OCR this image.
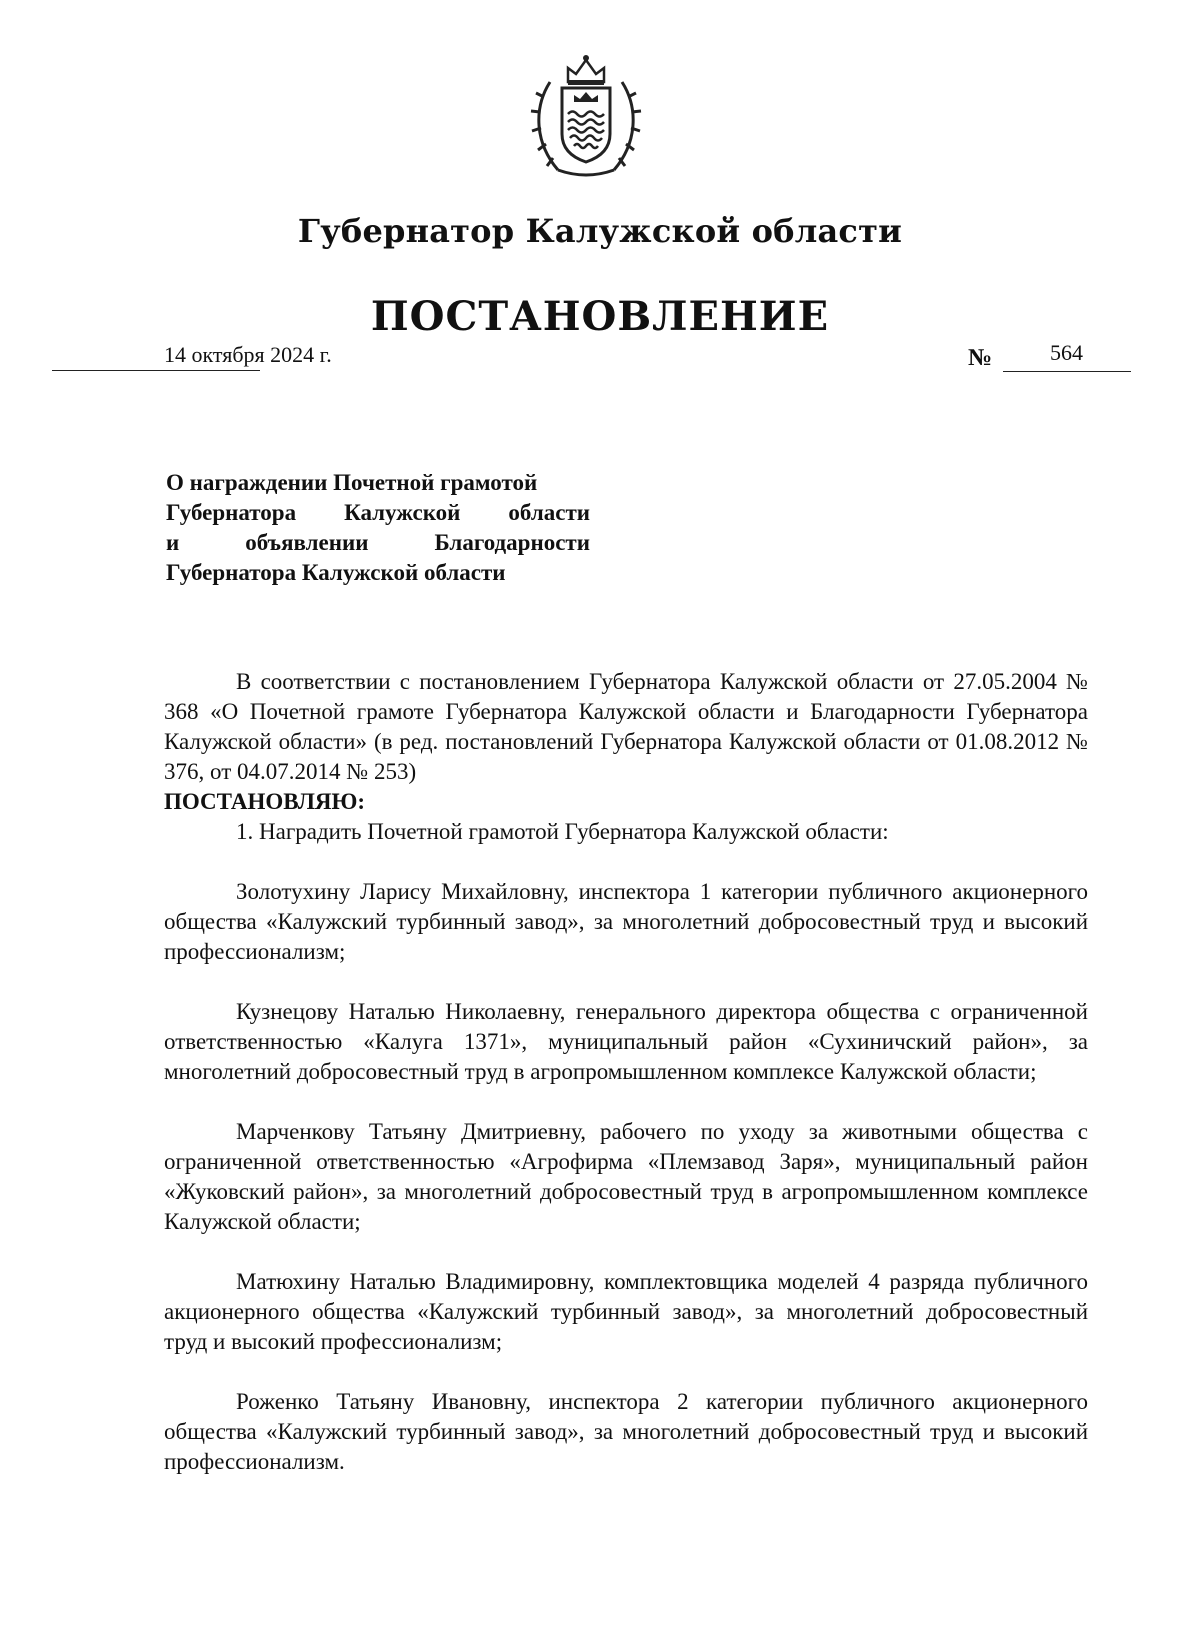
Губернатор Калужской области
ПОСТАНОВЛЕНИЕ
14 октября 2024 г.	№	564
О награждении Почетной грамотой
Губернатора Калужской области
и объявлении Благодарности
Губернатора Калужской области

В соответствии с постановлением Губернатора Калужской области от 27.05.2004 № 368 «О Почетной грамоте Губернатора Калужской области и Благодарности Губернатора Калужской области» (в ред. постановлений Губернатора Калужской области от 01.08.2012 № 376, от 04.07.2014 № 253)

ПОСТАНОВЛЯЮ:

1. Наградить Почетной грамотой Губернатора Калужской области:

Золотухину Ларису Михайловну, инспектора 1 категории публичного акционерного общества «Калужский турбинный завод», за многолетний добросовестный труд и высокий профессионализм;

Кузнецову Наталью Николаевну, генерального директора общества с ограниченной ответственностью «Калуга 1371», муниципальный район «Сухиничский район», за многолетний добросовестный труд в агропромышленном комплексе Калужской области;

Марченкову Татьяну Дмитриевну, рабочего по уходу за животными общества с ограниченной ответственностью «Агрофирма «Племзавод Заря», муниципальный район «Жуковский район», за многолетний добросовестный труд в агропромышленном комплексе Калужской области;

Матюхину Наталью Владимировну, комплектовщика моделей 4 разряда публичного акционерного общества «Калужский турбинный завод», за многолетний добросовестный труд и высокий профессионализм;

Роженко Татьяну Ивановну, инспектора 2 категории публичного акционерного общества «Калужский турбинный завод», за многолетний добросовестный труд и высокий профессионализм.
